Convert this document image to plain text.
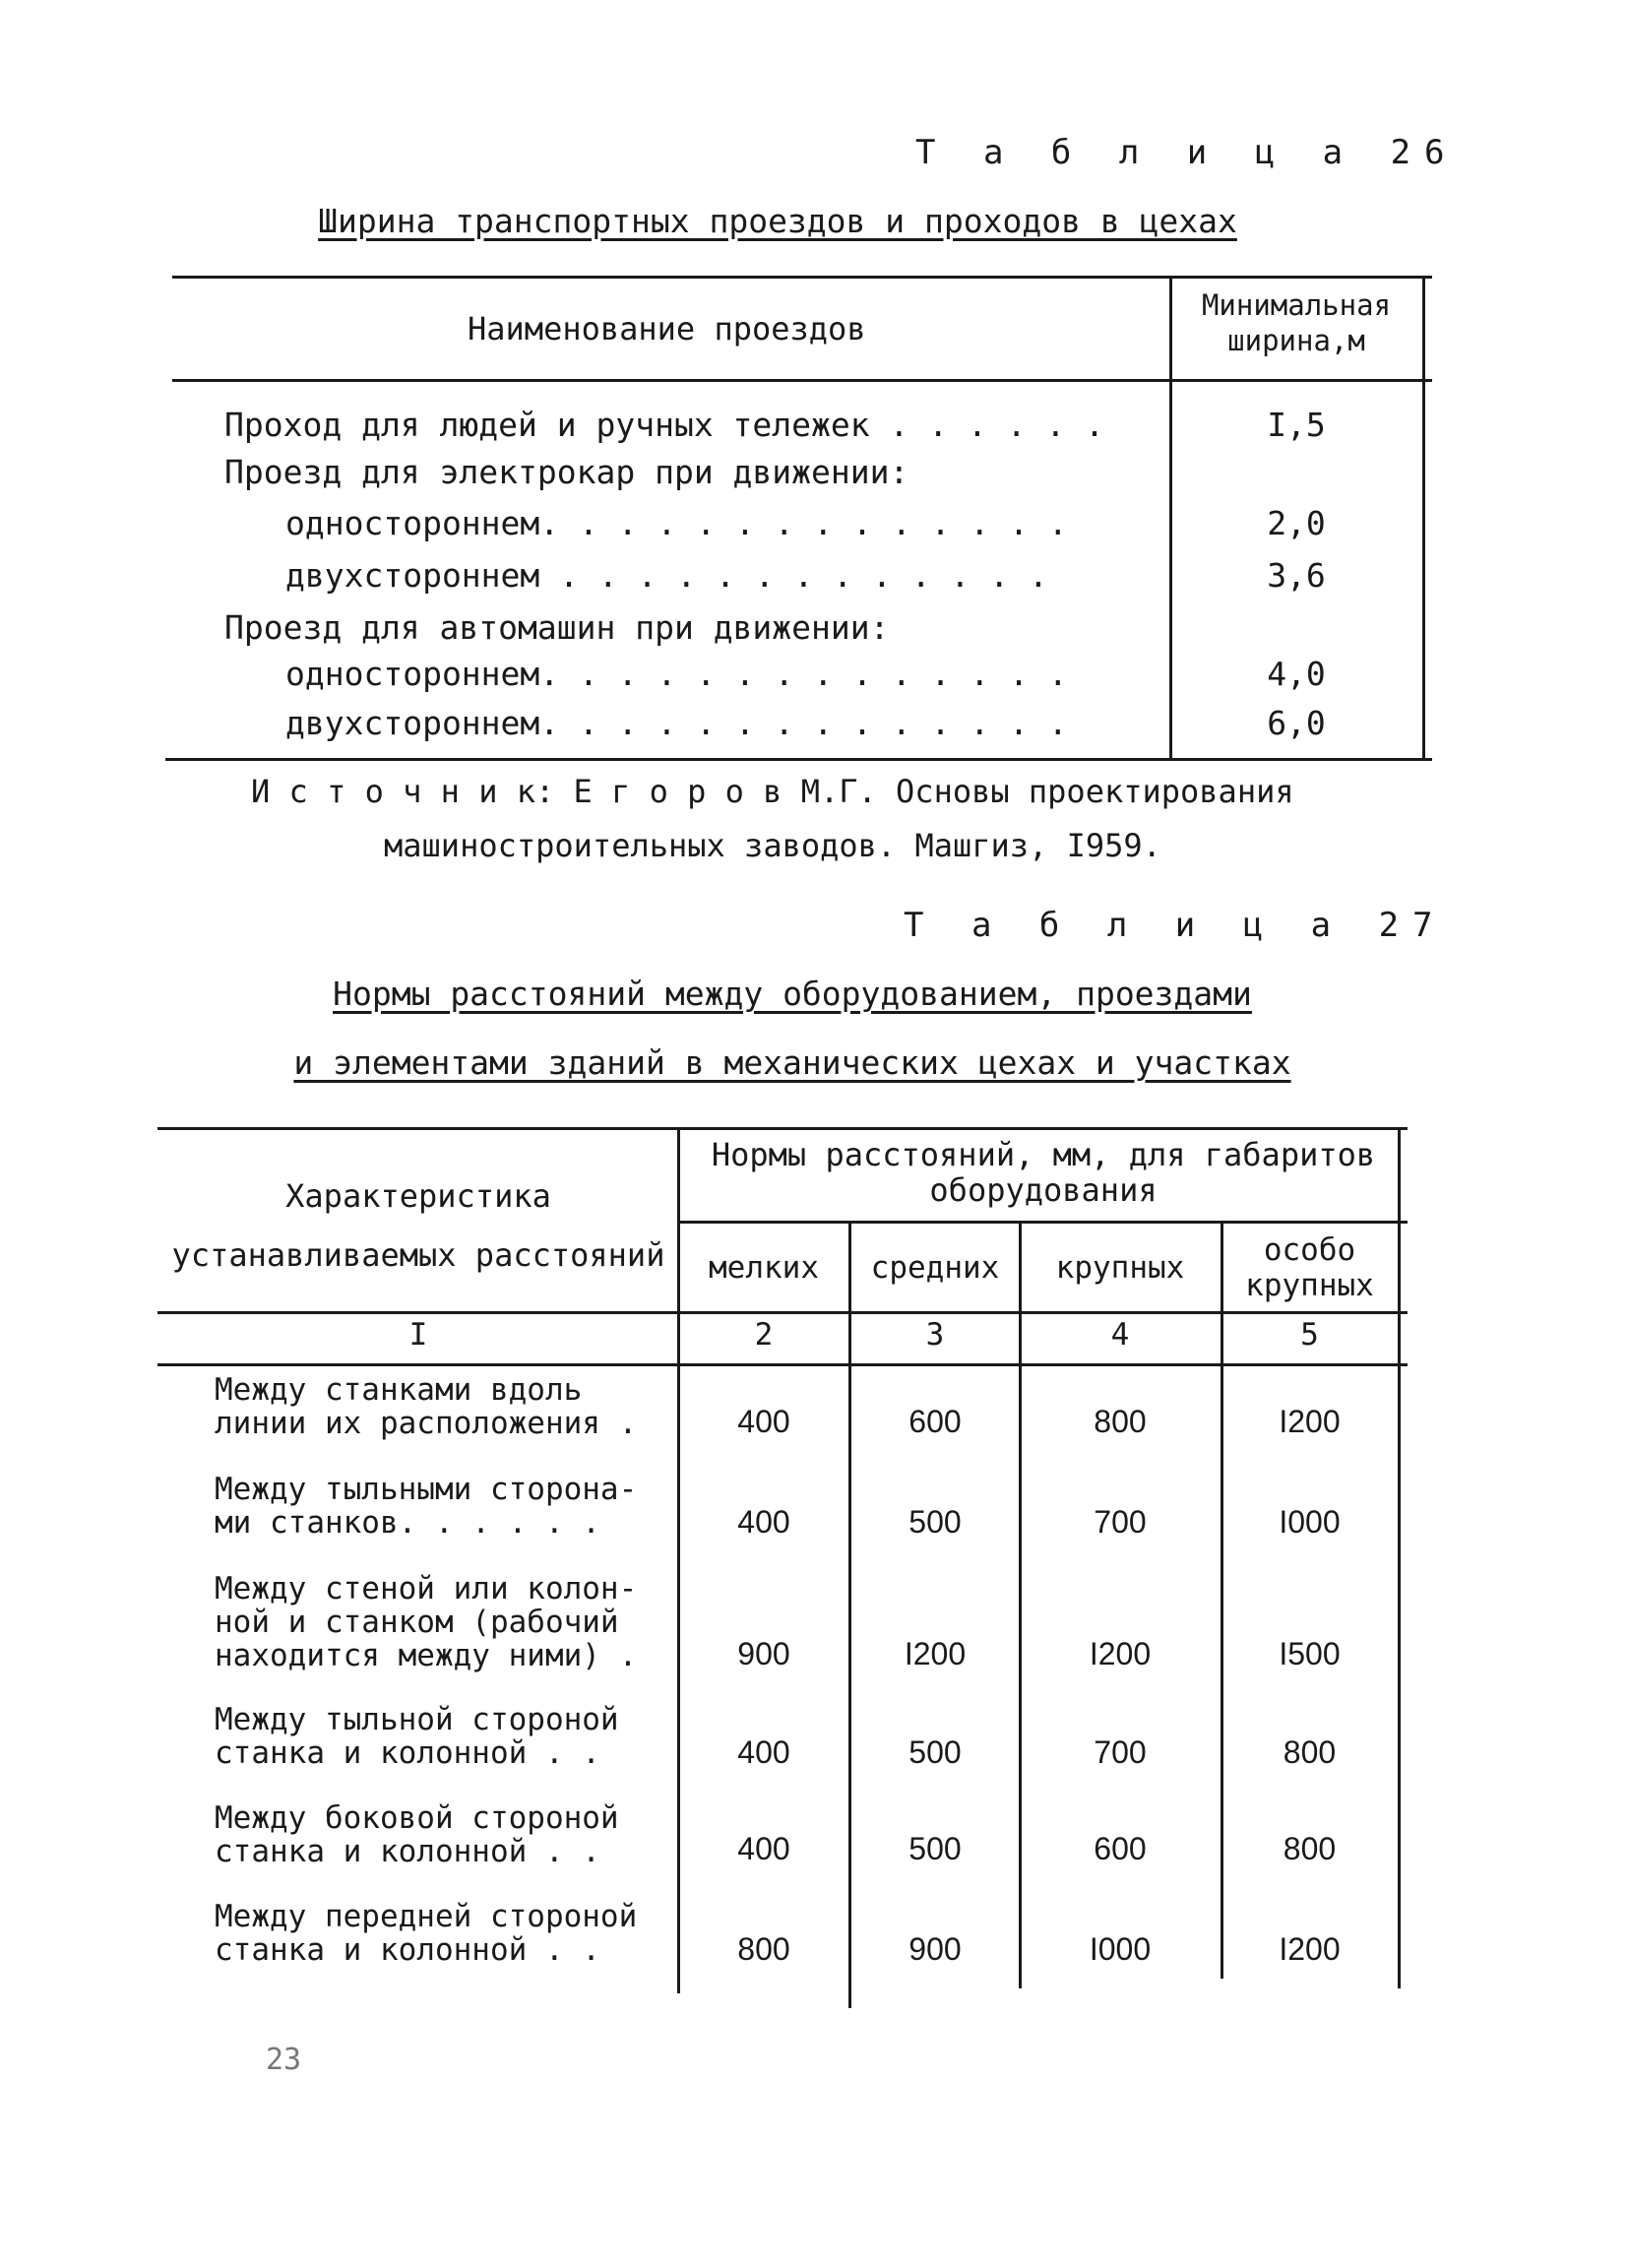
Т а б л и ц а 26
Ширина транспортных проездов и проходов в цехах
Наименование проездов
Минимальная ширина,м
Проход для людей и ручных тележек . . . . . .	I,5
Проезд для электрокар при движении:
одностороннем. . . . . . . . . . . . . .	2,0
двухстороннем . . . . . . . . . . . . .	3,6
Проезд для автомашин при движении:
одностороннем. . . . . . . . . . . . . .	4,0
двухстороннем. . . . . . . . . . . . . .	6,0
И с т о ч н и к: Е г о р о в М.Г. Основы проектирования
машиностроительных заводов. Машгиз, I959.
Т а б л и ц а 27
Нормы расстояний между оборудованием, проездами
и элементами зданий в механических цехах и участках
Характеристика устанавливаемых расстояний
Нормы расстояний, мм, для габаритов оборудования
мелких	средних	крупных	особо крупных
I	2	3	4	5
Между станками вдоль
линии их расположения .	400	600	800	I200
Между тыльными сторона-
ми станков. . . . . .	400	500	700	I000
Между стеной или колон-
ной и станком (рабочий
находится между ними) .	900	I200	I200	I500
Между тыльной стороной
станка и колонной . .	400	500	700	800
Между боковой стороной
станка и колонной . .	400	500	600	800
Между передней стороной
станка и колонной . .	800	900	I000	I200
23
